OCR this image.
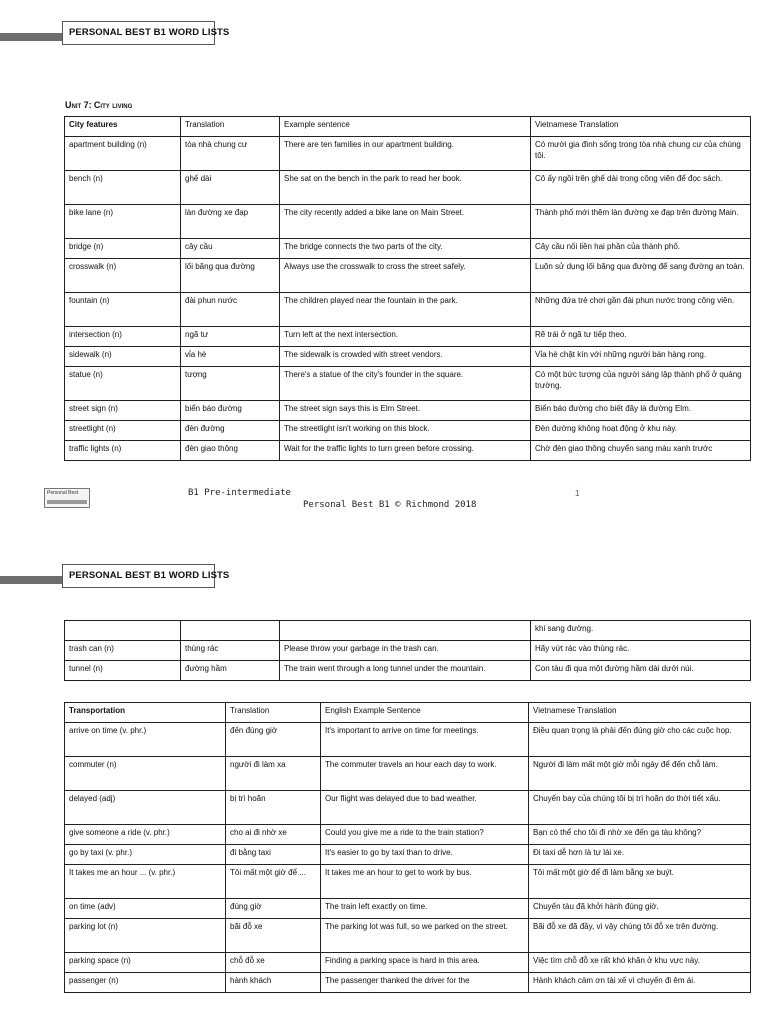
PERSONAL BEST B1 WORD LISTS
Unit 7: City living
City features	Translation	Example sentence	Vietnamese Translation
apartment building (n)	tòa nhà chung cư	There are ten families in our apartment building.	Có mười gia đình sống trong tòa nhà chung cư của chúng tôi.
bench (n)	ghế dài	She sat on the bench in the park to read her book.	Cô ấy ngồi trên ghế dài trong công viên để đọc sách.
bike lane (n)	làn đường xe đạp	The city recently added a bike lane on Main Street.	Thành phố mới thêm làn đường xe đạp trên đường Main.
bridge (n)	cây cầu	The bridge connects the two parts of the city.	Cây cầu nối liền hai phần của thành phố.
crosswalk (n)	lối băng qua đường	Always use the crosswalk to cross the street safely.	Luôn sử dụng lối băng qua đường để sang đường an toàn.
fountain (n)	đài phun nước	The children played near the fountain in the park.	Những đứa trẻ chơi gần đài phun nước trong công viên.
intersection (n)	ngã tư	Turn left at the next intersection.	Rẽ trái ở ngã tư tiếp theo.
sidewalk (n)	vỉa hè	The sidewalk is crowded with street vendors.	Vỉa hè chật kín với những người bán hàng rong.
statue (n)	tượng	There's a statue of the city's founder in the square.	Có một bức tượng của người sáng lập thành phố ở quảng trường.
street sign (n)	biển báo đường	The street sign says this is Elm Street.	Biển báo đường cho biết đây là đường Elm.
streetlight (n)	đèn đường	The streetlight isn't working on this block.	Đèn đường không hoạt động ở khu này.
traffic lights (n)	đèn giao thông	Wait for the traffic lights to turn green before crossing.	Chờ đèn giao thông chuyển sang màu xanh trước
Personal Best	B1 Pre-intermediate
Personal Best B1 © Richmond 2018
1
PERSONAL BEST B1 WORD LISTS
			khi sang đường.
trash can (n)	thùng rác	Please throw your garbage in the trash can.	Hãy vứt rác vào thùng rác.
tunnel (n)	đường hầm	The train went through a long tunnel under the mountain.	Con tàu đi qua một đường hầm dài dưới núi.
Transportation	Translation	English Example Sentence	Vietnamese Translation
arrive on time (v. phr.)	đến đúng giờ	It's important to arrive on time for meetings.	Điều quan trọng là phải đến đúng giờ cho các cuộc họp.
commuter (n)	người đi làm xa	The commuter travels an hour each day to work.	Người đi làm mất một giờ mỗi ngày để đến chỗ làm.
delayed (adj)	bị trì hoãn	Our flight was delayed due to bad weather.	Chuyến bay của chúng tôi bị trì hoãn do thời tiết xấu.
give someone a ride (v. phr.)	cho ai đi nhờ xe	Could you give me a ride to the train station?	Bạn có thể cho tôi đi nhờ xe đến ga tàu không?
go by taxi (v. phr.)	đi bằng taxi	It's easier to go by taxi than to drive.	Đi taxi dễ hơn là tự lái xe.
It takes me an hour ... (v. phr.)	Tôi mất một giờ để ...	It takes me an hour to get to work by bus.	Tôi mất một giờ để đi làm bằng xe buýt.
on time (adv)	đúng giờ	The train left exactly on time.	Chuyến tàu đã khởi hành đúng giờ.
parking lot (n)	bãi đỗ xe	The parking lot was full, so we parked on the street.	Bãi đỗ xe đã đầy, vì vậy chúng tôi đỗ xe trên đường.
parking space (n)	chỗ đỗ xe	Finding a parking space is hard in this area.	Việc tìm chỗ đỗ xe rất khó khăn ở khu vực này.
passenger (n)	hành khách	The passenger thanked the driver for the	Hành khách cảm ơn tài xế vì chuyến đi êm ái.
